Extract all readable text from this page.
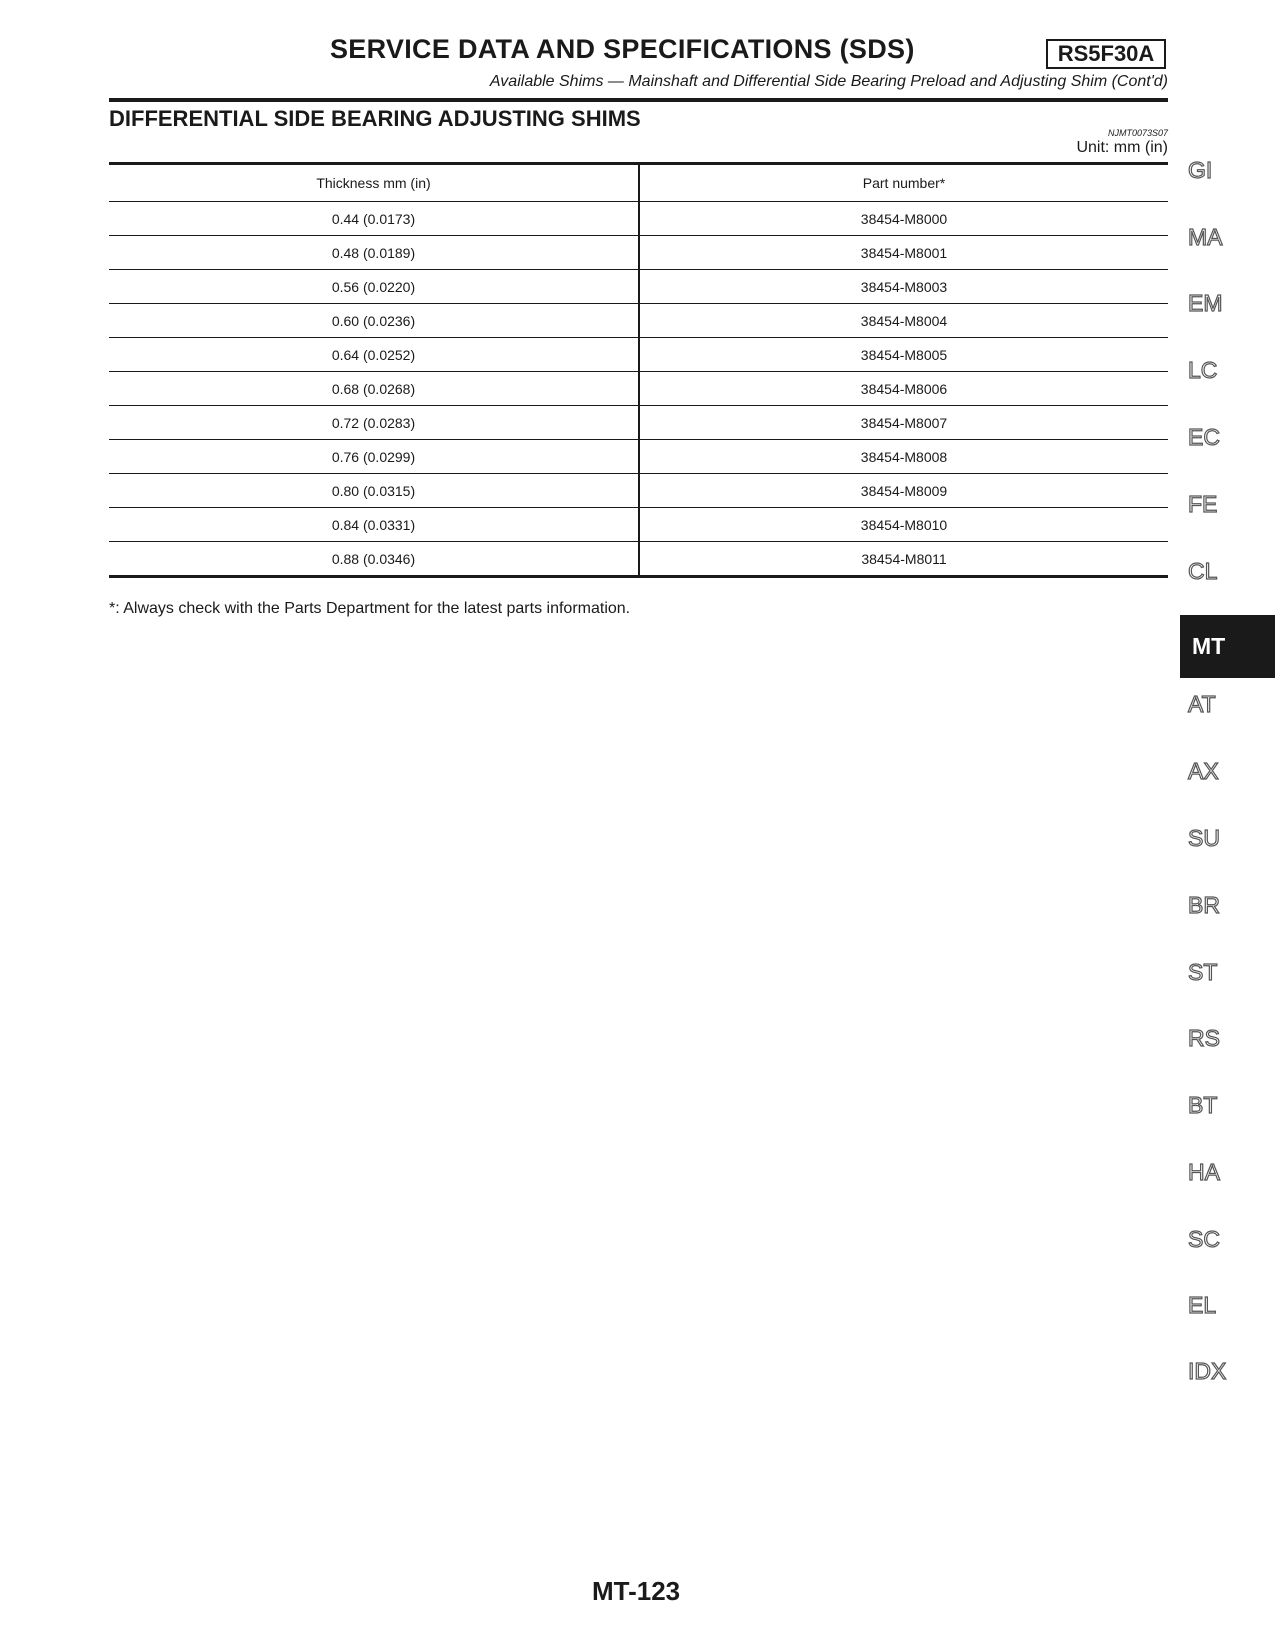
SERVICE DATA AND SPECIFICATIONS (SDS)	RS5F30A
Available Shims — Mainshaft and Differential Side Bearing Preload and Adjusting Shim (Cont'd)
DIFFERENTIAL SIDE BEARING ADJUSTING SHIMS
NJMT0073S07
Unit: mm (in)
Thickness mm (in)	Part number*
0.44 (0.0173)	38454-M8000
0.48 (0.0189)	38454-M8001
0.56 (0.0220)	38454-M8003
0.60 (0.0236)	38454-M8004
0.64 (0.0252)	38454-M8005
0.68 (0.0268)	38454-M8006
0.72 (0.0283)	38454-M8007
0.76 (0.0299)	38454-M8008
0.80 (0.0315)	38454-M8009
0.84 (0.0331)	38454-M8010
0.88 (0.0346)	38454-M8011
*: Always check with the Parts Department for the latest parts information.
GI
MA
EM
LC
EC
FE
CL
MT
AT
AX
SU
BR
ST
RS
BT
HA
SC
EL
IDX
MT-123
